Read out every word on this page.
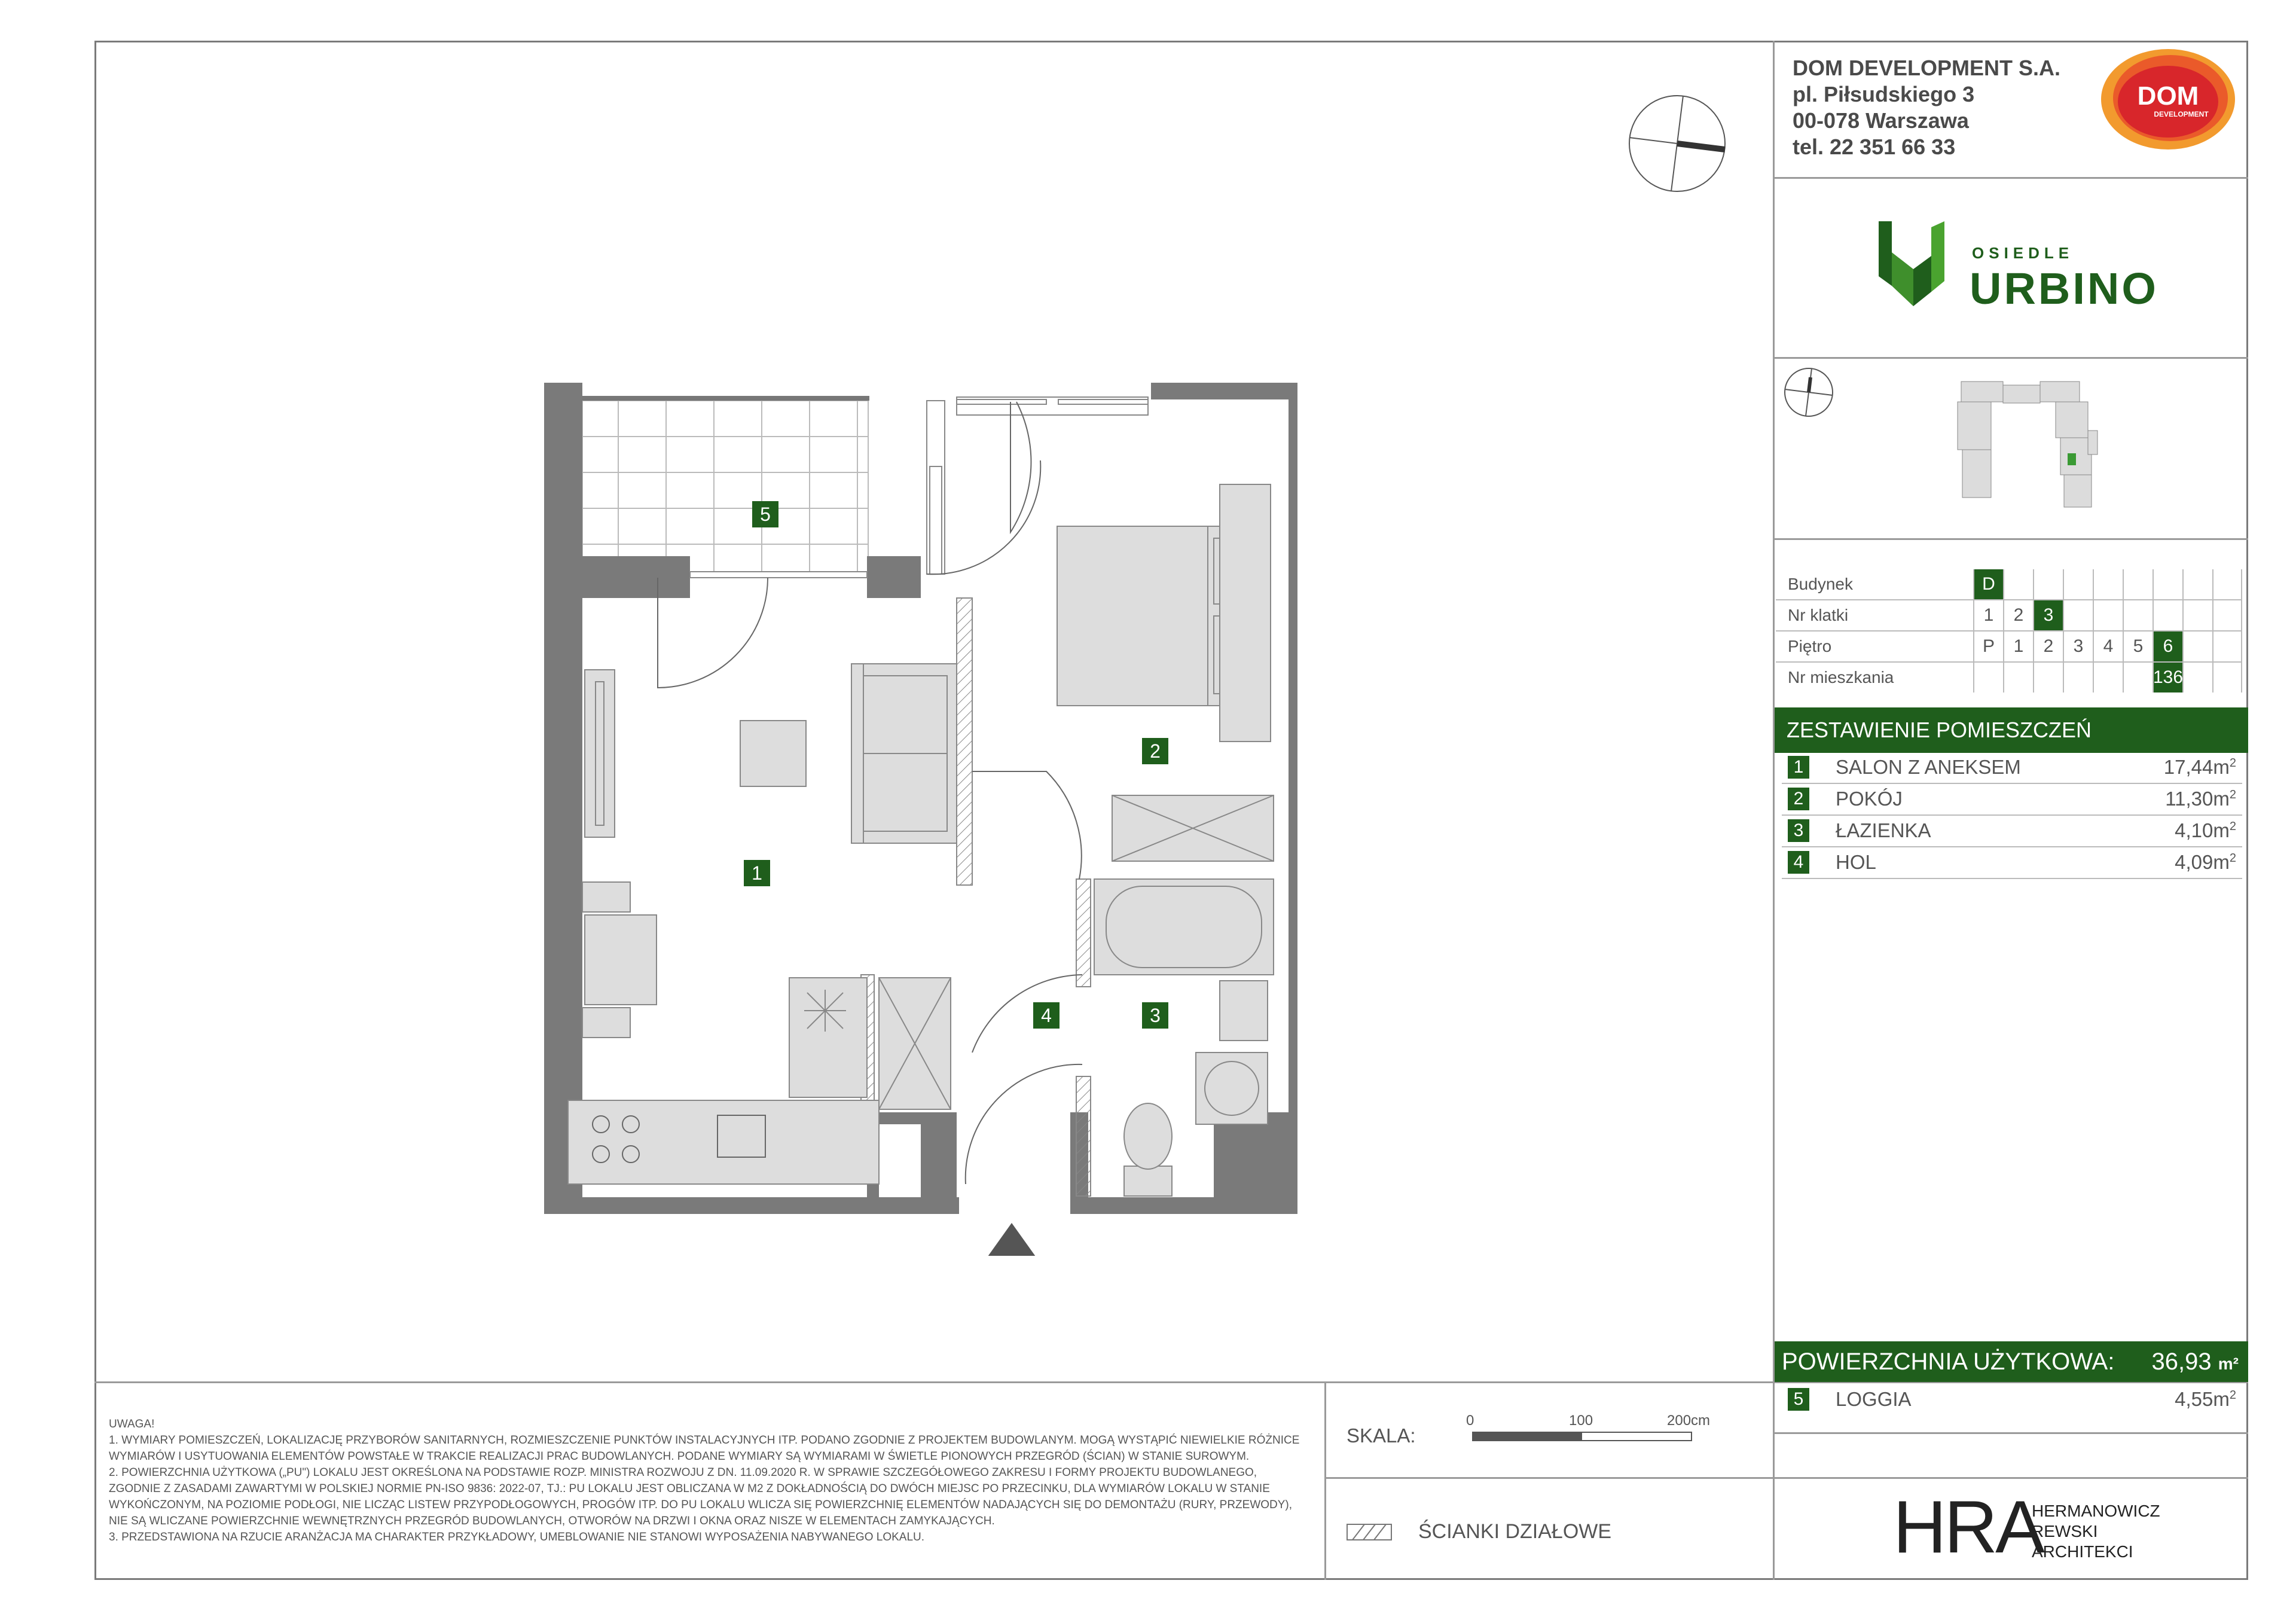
DOM DEVELOPMENT S.A.
pl. Piłsudskiego 3
00-078 Warszawa
tel. 22 351 66 33
DOM
DEVELOPMENT
OSIEDLE
URBINO
Budynek	D
Nr klatki	1	2	3
Piętro	P	1	2	3	4	5	6
Nr mieszkania	136
ZESTAWIENIE POMIESZCZEŃ
1 SALON Z ANEKSEM	$17,44m^2$
2 POKÓJ	$11,30m^2$
3 ŁAZIENKA	$4,10m^2$
4 HOL	$4,09m^2$
POWIERZCHNIA UŻYTKOWA: 36,93 m²
5 LOGGIA	$4,55m^2$
HRA
HERMANOWICZ
REWSKI
ARCHITEKCI
SKALA:
0	100	200cm
ŚCIANKI DZIAŁOWE
UWAGA!
1. WYMIARY POMIESZCZEŃ, LOKALIZACJĘ PRZYBORÓW SANITARNYCH, ROZMIESZCZENIE PUNKTÓW INSTALACYJNYCH ITP. PODANO ZGODNIE Z PROJEKTEM BUDOWLANYM. MOGĄ WYSTĄPIĆ NIEWIELKIE RÓŻNICE WYMIARÓW I USYTUOWANIA ELEMENTÓW POWSTAŁE W TRAKCIE REALIZACJI PRAC BUDOWLANYCH. PODANE WYMIARY SĄ WYMIARAMI W ŚWIETLE PIONOWYCH PRZEGRÓD (ŚCIAN) W STANIE SUROWYM.
2. POWIERZCHNIA UŻYTKOWA („PU") LOKALU JEST OKREŚLONA NA PODSTAWIE ROZP. MINISTRA ROZWOJU Z DN. 11.09.2020 R. W SPRAWIE SZCZEGÓŁOWEGO ZAKRESU I FORMY PROJEKTU BUDOWLANEGO, ZGODNIE Z ZASADAMI ZAWARTYMI W POLSKIEJ NORMIE PN-ISO 9836: 2022-07, TJ.: PU LOKALU JEST OBLICZANA W M2 Z DOKŁADNOŚCIĄ DO DWÓCH MIEJSC PO PRZECINKU, DLA WYMIARÓW LOKALU W STANIE WYKOŃCZONYM, NA POZIOMIE PODŁOGI, NIE LICZĄC LISTEW PRZYPODŁOGOWYCH, PROGÓW ITP. DO PU LOKALU WLICZA SIĘ POWIERZCHNIĘ ELEMENTÓW NADAJĄCYCH SIĘ DO DEMONTAŻU (RURY, PRZEWODY), NIE SĄ WLICZANE POWIERZCHNIE WEWNĘTRZNYCH PRZEGRÓD BUDOWLANYCH, OTWORÓW NA DRZWI I OKNA ORAZ NISZE W ELEMENTACH ZAMYKAJĄCYCH.
3. PRZEDSTAWIONA NA RZUCIE ARANŻACJA MA CHARAKTER PRZYKŁADOWY, UMEBLOWANIE NIE STANOWI WYPOSAŻENIA NABYWANEGO LOKALU.
5
1
2
3
4
